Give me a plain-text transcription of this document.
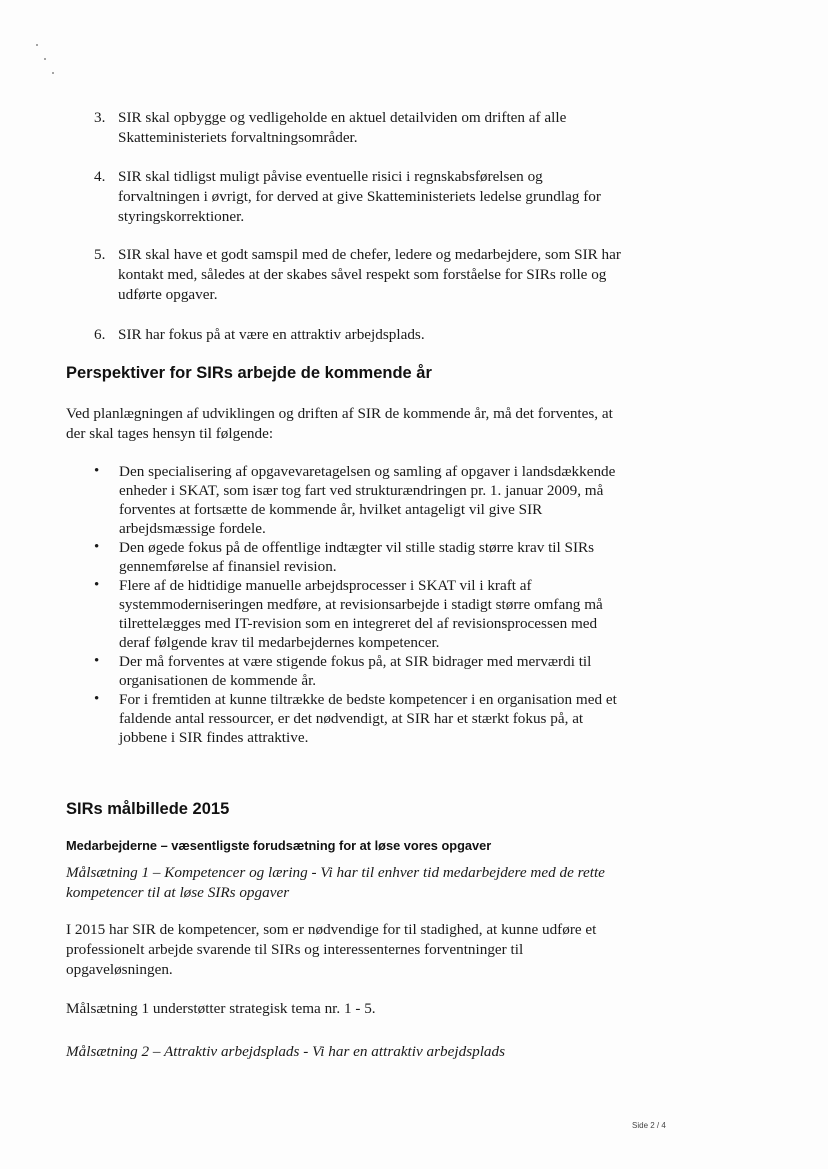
3. SIR skal opbygge og vedligeholde en aktuel detailviden om driften af alle Skatteministeriets forvaltningsområder.
4. SIR skal tidligst muligt påvise eventuelle risici i regnskabsførelsen og forvaltningen i øvrigt, for derved at give Skatteministeriets ledelse grundlag for styringskorrektioner.
5. SIR skal have et godt samspil med de chefer, ledere og medarbejdere, som SIR har kontakt med, således at der skabes såvel respekt som forståelse for SIRs rolle og udførte opgaver.
6. SIR har fokus på at være en attraktiv arbejdsplads.
Perspektiver for SIRs arbejde de kommende år
Ved planlægningen af udviklingen og driften af SIR de kommende år, må det forventes, at der skal tages hensyn til følgende:
• Den specialisering af opgavevaretagelsen og samling af opgaver i landsdækkende enheder i SKAT, som især tog fart ved strukturændringen pr. 1. januar 2009, må forventes at fortsætte de kommende år, hvilket antageligt vil give SIR arbejdsmæssige fordele.
• Den øgede fokus på de offentlige indtægter vil stille stadig større krav til SIRs gennemførelse af finansiel revision.
• Flere af de hidtidige manuelle arbejdsprocesser i SKAT vil i kraft af systemmoderniseringen medføre, at revisionsarbejde i stadigt større omfang må tilrettelægges med IT-revision som en integreret del af revisionsprocessen med deraf følgende krav til medarbejdernes kompetencer.
• Der må forventes at være stigende fokus på, at SIR bidrager med merværdi til organisationen de kommende år.
• For i fremtiden at kunne tiltrække de bedste kompetencer i en organisation med et faldende antal ressourcer, er det nødvendigt, at SIR har et stærkt fokus på, at jobbene i SIR findes attraktive.
SIRs målbillede 2015
Medarbejderne – væsentligste forudsætning for at løse vores opgaver
Målsætning 1 – Kompetencer og læring - Vi har til enhver tid medarbejdere med de rette kompetencer til at løse SIRs opgaver
I 2015 har SIR de kompetencer, som er nødvendige for til stadighed, at kunne udføre et professionelt arbejde svarende til SIRs og interessenternes forventninger til opgaveløsningen.
Målsætning 1 understøtter strategisk tema nr. 1 - 5.
Målsætning 2 – Attraktiv arbejdsplads - Vi har en attraktiv arbejdsplads
Side 2 / 4
